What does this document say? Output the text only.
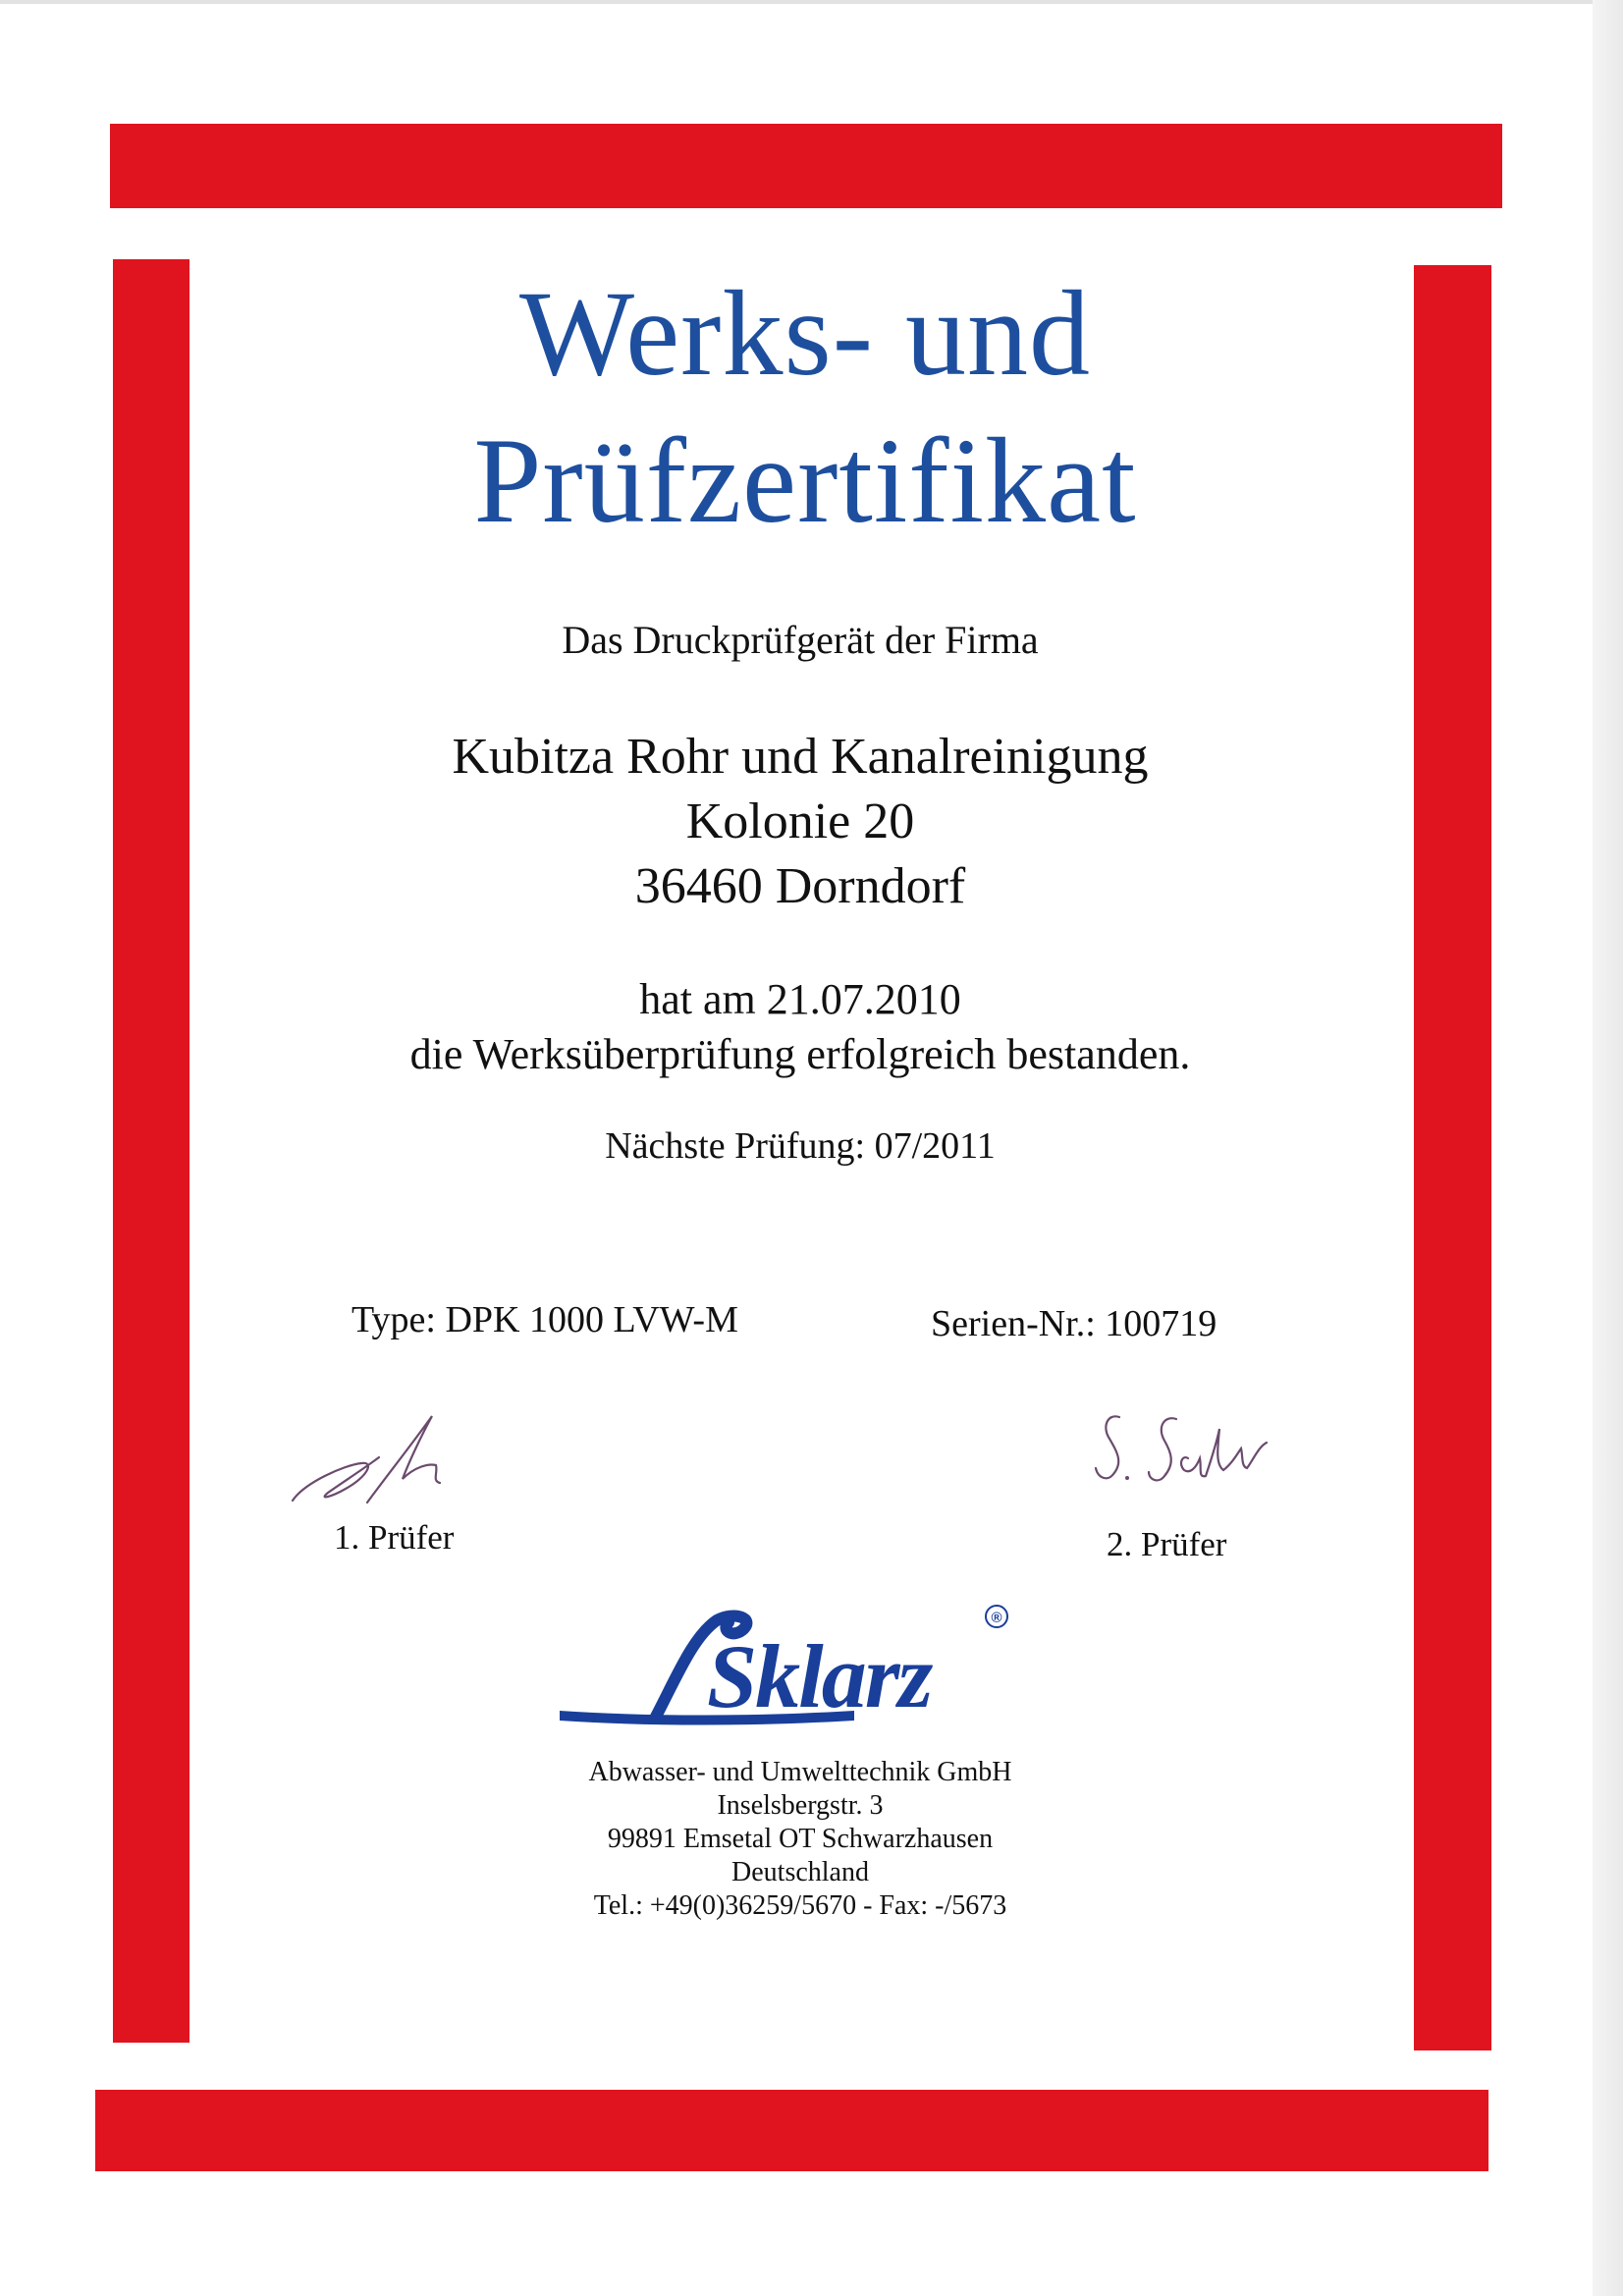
Werks- und
Prüfzertifikat
Das Druckprüfgerät der Firma
Kubitza Rohr und Kanalreinigung
Kolonie 20
36460 Dorndorf
hat am 21.07.2010
die Werksüberprüfung erfolgreich bestanden.
Nächste Prüfung: 07/2011
Type: DPK 1000 LVW-M	Serien-Nr.: 100719
1. Prüfer	2. Prüfer
Sklarz
®
Abwasser- und Umwelttechnik GmbH
Inselsbergstr. 3
99891 Emsetal OT Schwarzhausen
Deutschland
Tel.: +49(0)36259/5670 - Fax: -/5673
